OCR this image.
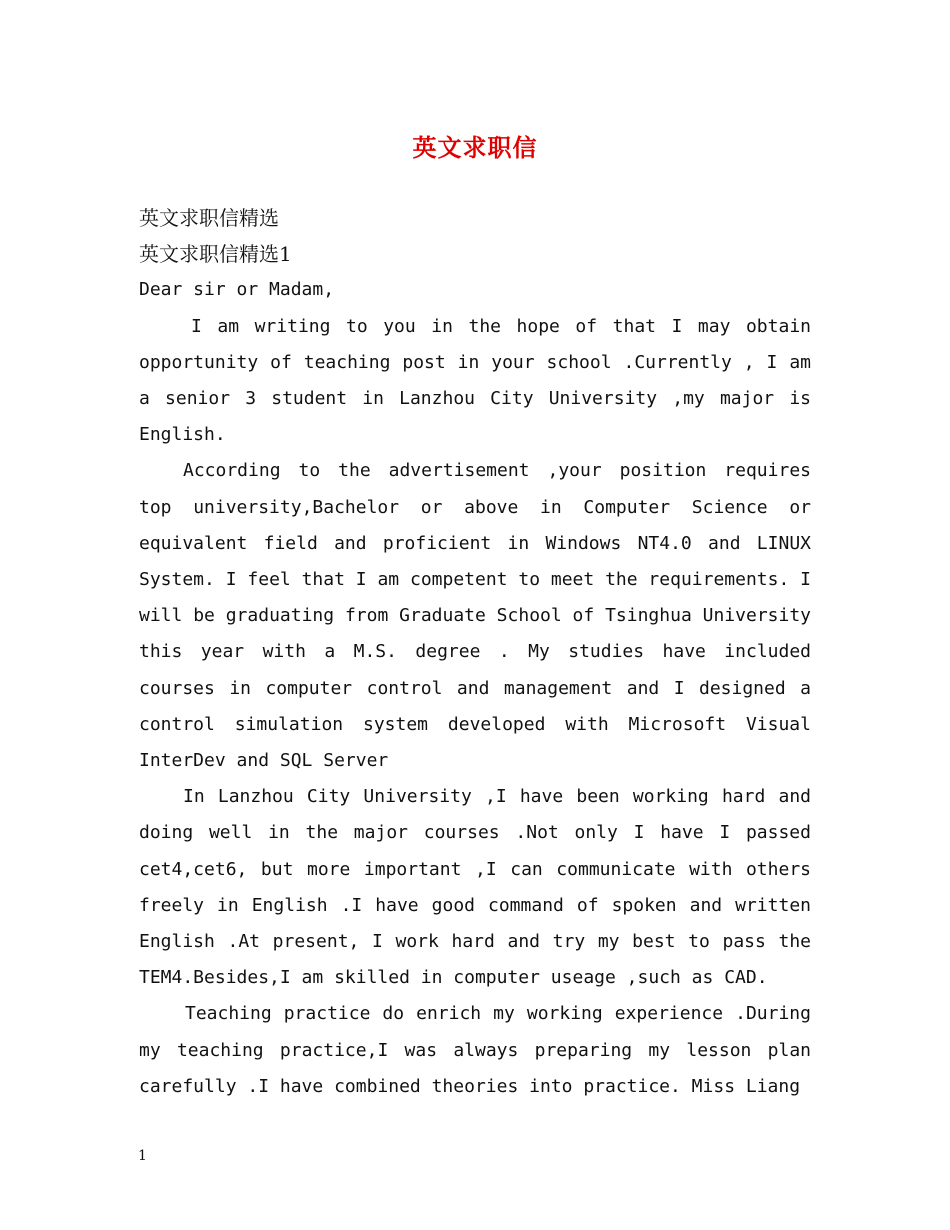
英文求职信

英文求职信精选

英文求职信精选1

Dear sir or Madam,

I am writing to you in the hope of that I may obtain opportunity of teaching post in your school .Currently , I am a senior 3 student in Lanzhou City University ,my major is English.

According to the advertisement ,your position requires top university,Bachelor or above in Computer Science or equivalent field and proficient in Windows NT4.0 and LINUX System. I feel that I am competent to meet the requirements. I will be graduating from Graduate School of Tsinghua University this year with a M.S. degree . My studies have included courses in computer control and management and I designed a control simulation system developed with Microsoft Visual InterDev and SQL Server

In Lanzhou City University ,I have been working hard and doing well in the major courses .Not only I have I passed cet4,cet6, but more important ,I can communicate with others freely in English .I have good command of spoken and written English .At present, I work hard and try my best to pass the TEM4.Besides,I am skilled in computer useage ,such as CAD.

Teaching practice do enrich my working experience .During my teaching practice,I was always preparing my lesson plan carefully .I have combined theories into practice. Miss Liang

1
